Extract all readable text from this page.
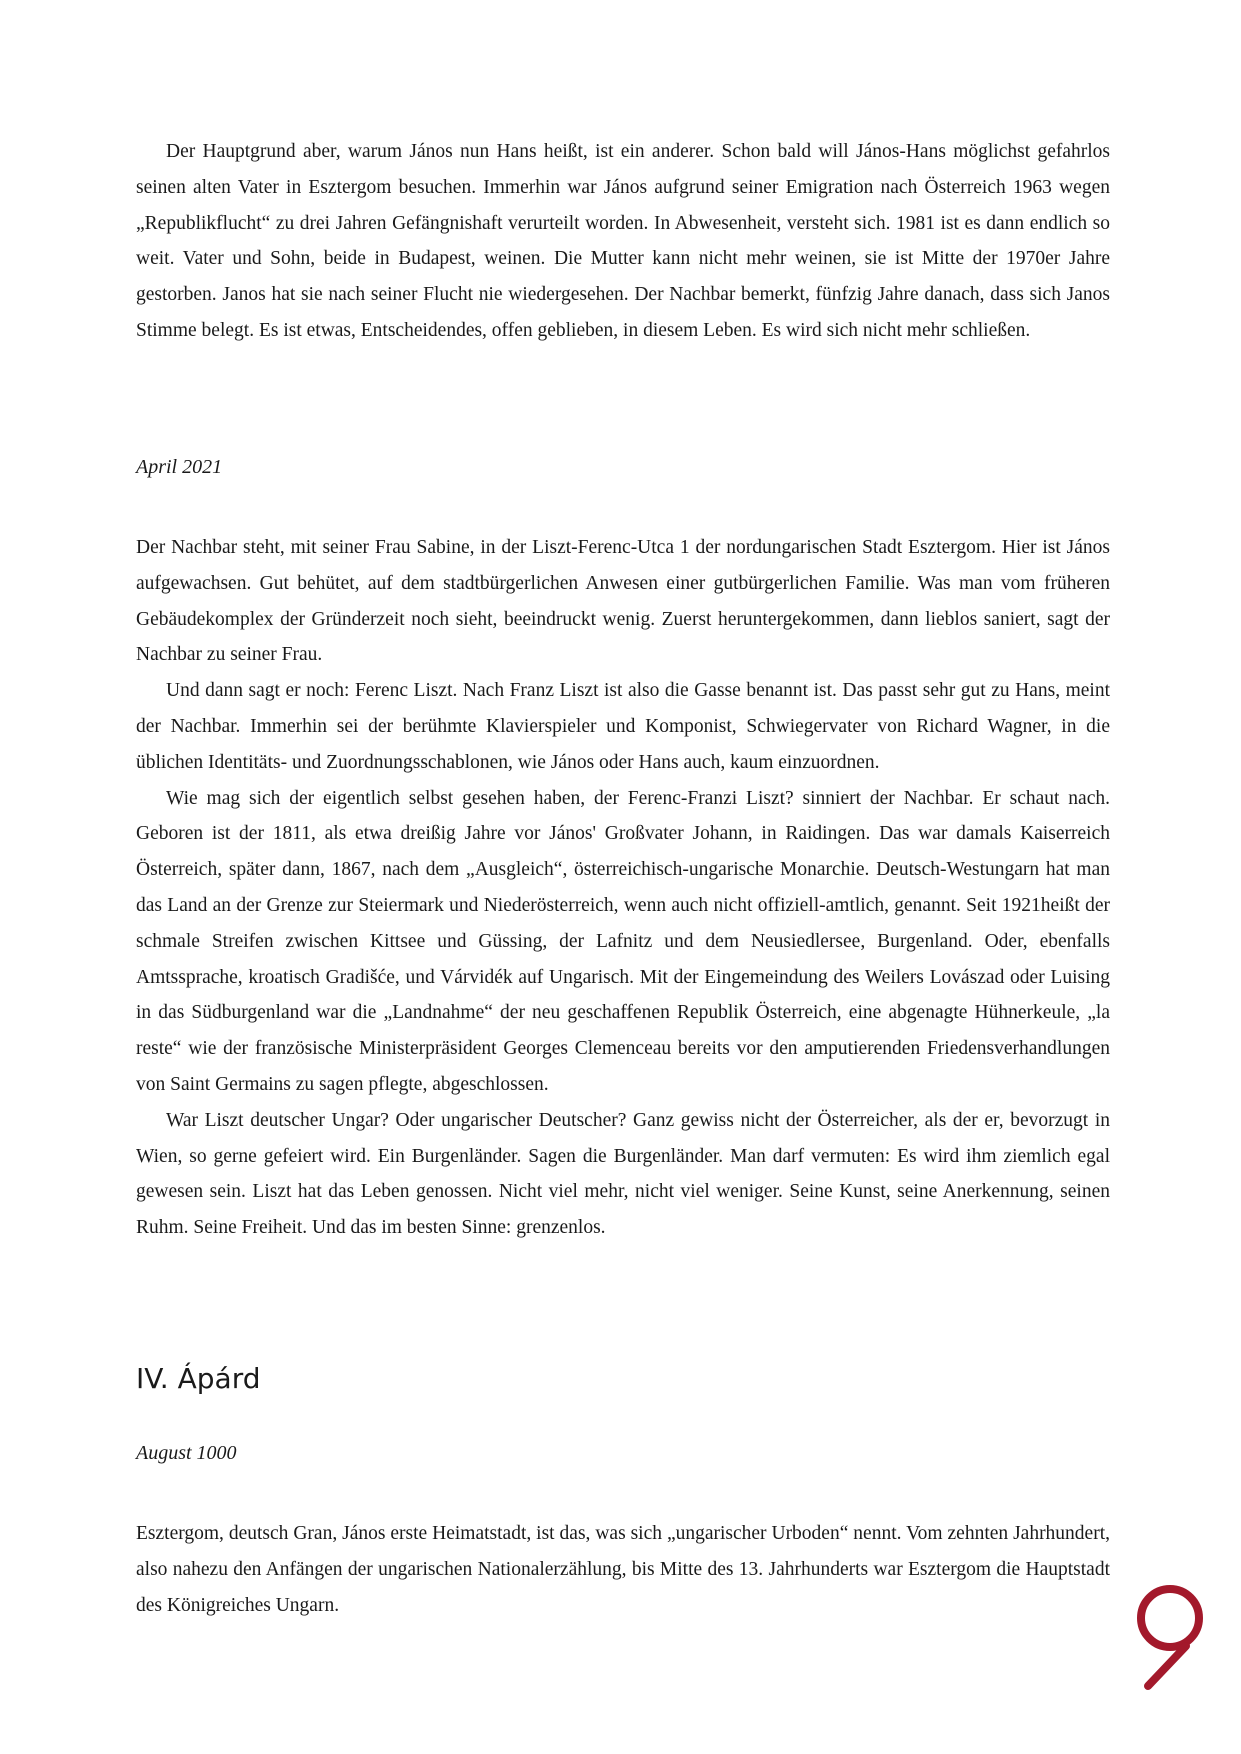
Der Hauptgrund aber, warum János nun Hans heißt, ist ein anderer. Schon bald will János-Hans möglichst gefahrlos seinen alten Vater in Esztergom besuchen. Immerhin war János aufgrund seiner Emigration nach Österreich 1963 wegen „Republikflucht“ zu drei Jahren Gefängnishaft verurteilt worden. In Abwesenheit, versteht sich. 1981 ist es dann endlich so weit. Vater und Sohn, beide in Budapest, weinen. Die Mutter kann nicht mehr weinen, sie ist Mitte der 1970er Jahre gestorben. Janos hat sie nach seiner Flucht nie wiedergesehen. Der Nachbar bemerkt, fünfzig Jahre danach, dass sich Janos Stimme belegt. Es ist etwas, Entscheidendes, offen geblieben, in diesem Leben. Es wird sich nicht mehr schließen.

April 2021

Der Nachbar steht, mit seiner Frau Sabine, in der Liszt-Ferenc-Utca 1 der nordungarischen Stadt Esztergom. Hier ist János aufgewachsen. Gut behütet, auf dem stadtbürgerlichen Anwesen einer gutbürgerlichen Familie. Was man vom früheren Gebäudekomplex der Gründerzeit noch sieht, beeindruckt wenig. Zuerst heruntergekommen, dann lieblos saniert, sagt der Nachbar zu seiner Frau.

Und dann sagt er noch: Ferenc Liszt. Nach Franz Liszt ist also die Gasse benannt ist. Das passt sehr gut zu Hans, meint der Nachbar. Immerhin sei der berühmte Klavierspieler und Komponist, Schwiegervater von Richard Wagner, in die üblichen Identitäts- und Zuordnungsschablonen, wie János oder Hans auch, kaum einzuordnen.

Wie mag sich der eigentlich selbst gesehen haben, der Ferenc-Franzi Liszt? sinniert der Nachbar. Er schaut nach. Geboren ist der 1811, als etwa dreißig Jahre vor János' Großvater Johann, in Raidingen. Das war damals Kaiserreich Österreich, später dann, 1867, nach dem „Ausgleich“, österreichisch-ungarische Monarchie. Deutsch-Westungarn hat man das Land an der Grenze zur Steiermark und Niederösterreich, wenn auch nicht offiziell-amtlich, genannt. Seit 1921heißt der schmale Streifen zwischen Kittsee und Güssing, der Lafnitz und dem Neusiedlersee, Burgenland. Oder, ebenfalls Amtssprache, kroatisch Gradišće, und Várvidék auf Ungarisch. Mit der Eingemeindung des Weilers Lovászad oder Luising in das Südburgenland war die „Landnahme“ der neu geschaffenen Republik Österreich, eine abgenagte Hühnerkeule, „la reste“ wie der französische Ministerpräsident Georges Clemenceau bereits vor den amputierenden Friedensverhandlungen von Saint Germains zu sagen pflegte, abgeschlossen.

War Liszt deutscher Ungar? Oder ungarischer Deutscher? Ganz gewiss nicht der Österreicher, als der er, bevorzugt in Wien, so gerne gefeiert wird. Ein Burgenländer. Sagen die Burgenländer. Man darf vermuten: Es wird ihm ziemlich egal gewesen sein. Liszt hat das Leben genossen. Nicht viel mehr, nicht viel weniger. Seine Kunst, seine Anerkennung, seinen Ruhm. Seine Freiheit. Und das im besten Sinne: grenzenlos.

IV. Ápárd

August 1000

Esztergom, deutsch Gran, János erste Heimatstadt, ist das, was sich „ungarischer Urboden“ nennt. Vom zehnten Jahrhundert, also nahezu den Anfängen der ungarischen Nationalerzählung, bis Mitte des 13. Jahrhunderts war Esztergom die Hauptstadt des Königreiches Ungarn.
